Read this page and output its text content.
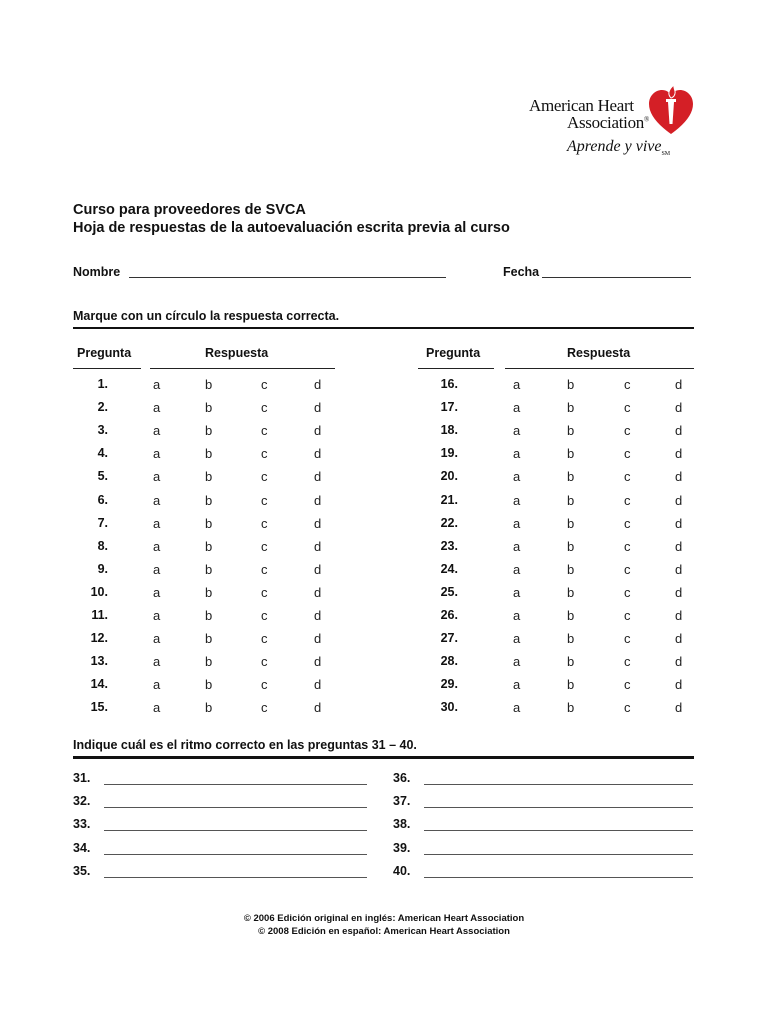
American Heart
Association®
Aprende y vive$_{SM}$
Curso para proveedores de SVCA
Hoja de respuestas de la autoevaluación escrita previa al curso
Nombre	Fecha
Marque con un círculo la respuesta correcta.
Pregunta	Respuesta	Pregunta	Respuesta
1.	a	b	c	d
2.	a	b	c	d
3.	a	b	c	d
4.	a	b	c	d
5.	a	b	c	d
6.	a	b	c	d
7.	a	b	c	d
8.	a	b	c	d
9.	a	b	c	d
10.	a	b	c	d
11.	a	b	c	d
12.	a	b	c	d
13.	a	b	c	d
14.	a	b	c	d
15.	a	b	c	d
16.	a	b	c	d
17.	a	b	c	d
18.	a	b	c	d
19.	a	b	c	d
20.	a	b	c	d
21.	a	b	c	d
22.	a	b	c	d
23.	a	b	c	d
24.	a	b	c	d
25.	a	b	c	d
26.	a	b	c	d
27.	a	b	c	d
28.	a	b	c	d
29.	a	b	c	d
30.	a	b	c	d
Indique cuál es el ritmo correcto en las preguntas 31 – 40.
31.
32.
33.
34.
35.
36.
37.
38.
39.
40.
© 2006 Edición original en inglés: American Heart Association
© 2008 Edición en español: American Heart Association
